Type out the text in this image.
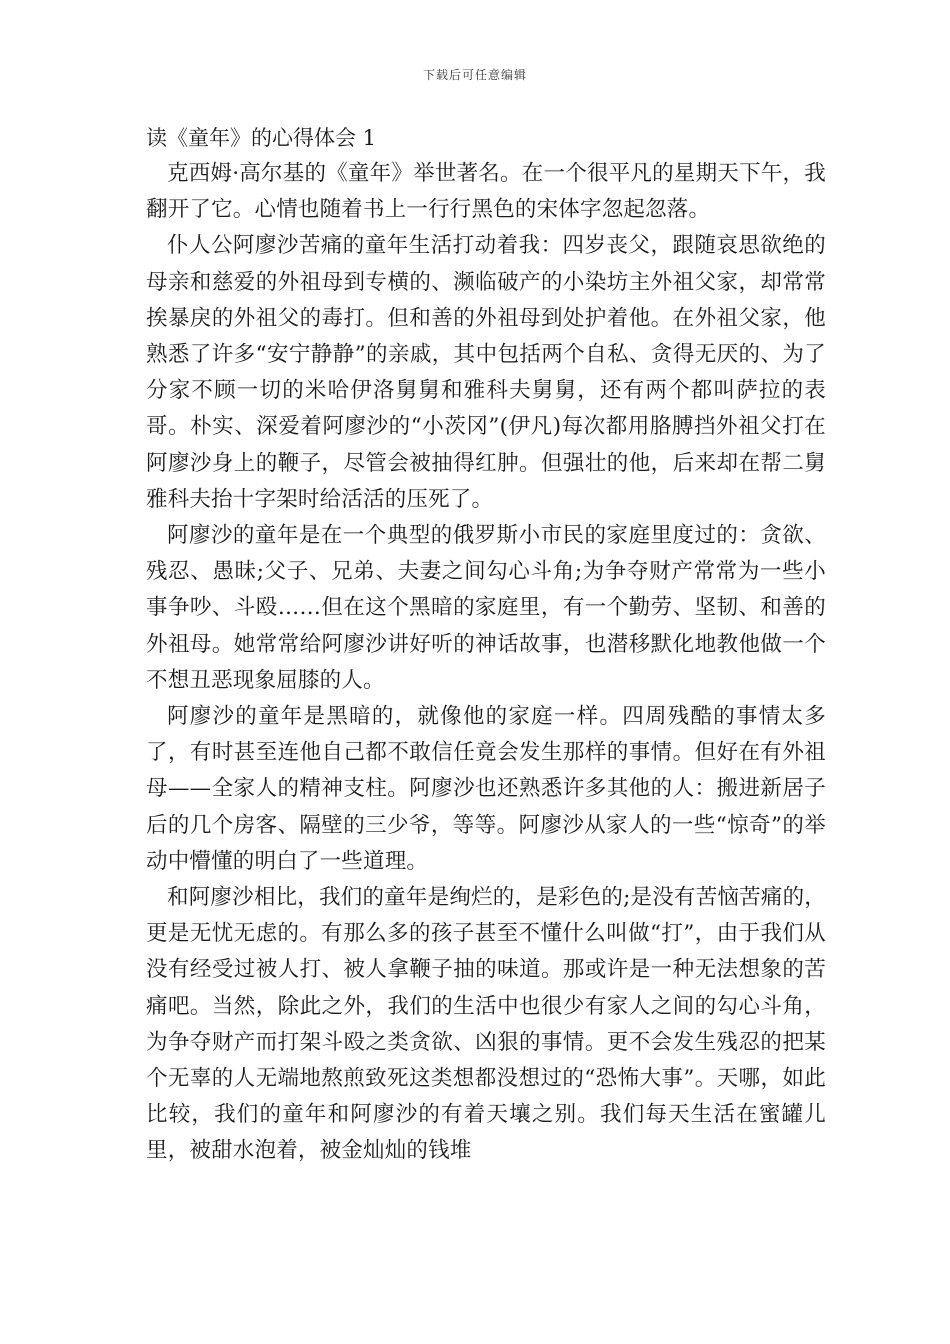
下载后可任意编辑
读《童年》的心得体会 1

克西姆·高尔基的《童年》举世著名。在一个很平凡的星期天下午，我翻开了它。心情也随着书上一行行黑色的宋体字忽起忽落。

仆人公阿廖沙苦痛的童年生活打动着我：四岁丧父，跟随哀思欲绝的母亲和慈爱的外祖母到专横的、濒临破产的小染坊主外祖父家，却常常挨暴戾的外祖父的毒打。但和善的外祖母到处护着他。在外祖父家，他熟悉了许多“安宁静静”的亲戚，其中包括两个自私、贪得无厌的、为了分家不顾一切的米哈伊洛舅舅和雅科夫舅舅，还有两个都叫萨拉的表哥。朴实、深爱着阿廖沙的“小茨冈”(伊凡)每次都用胳膊挡外祖父打在阿廖沙身上的鞭子，尽管会被抽得红肿。但强壮的他，后来却在帮二舅雅科夫抬十字架时给活活的压死了。

阿廖沙的童年是在一个典型的俄罗斯小市民的家庭里度过的：贪欲、残忍、愚昧;父子、兄弟、夫妻之间勾心斗角;为争夺财产常常为一些小事争吵、斗殴……但在这个黑暗的家庭里，有一个勤劳、坚韧、和善的外祖母。她常常给阿廖沙讲好听的神话故事，也潜移默化地教他做一个不想丑恶现象屈膝的人。

阿廖沙的童年是黑暗的，就像他的家庭一样。四周残酷的事情太多了，有时甚至连他自己都不敢信任竟会发生那样的事情。但好在有外祖母——全家人的精神支柱。阿廖沙也还熟悉许多其他的人：搬进新居子后的几个房客、隔壁的三少爷，等等。阿廖沙从家人的一些“惊奇”的举动中懵懂的明白了一些道理。

和阿廖沙相比，我们的童年是绚烂的，是彩色的;是没有苦恼苦痛的，更是无忧无虑的。有那么多的孩子甚至不懂什么叫做“打”，由于我们从没有经受过被人打、被人拿鞭子抽的味道。那或许是一种无法想象的苦痛吧。当然，除此之外，我们的生活中也很少有家人之间的勾心斗角，为争夺财产而打架斗殴之类贪欲、凶狠的事情。更不会发生残忍的把某个无辜的人无端地熬煎致死这类想都没想过的“恐怖大事”。天哪，如此比较，我们的童年和阿廖沙的有着天壤之别。我们每天生活在蜜罐儿里，被甜水泡着，被金灿灿的钱堆
